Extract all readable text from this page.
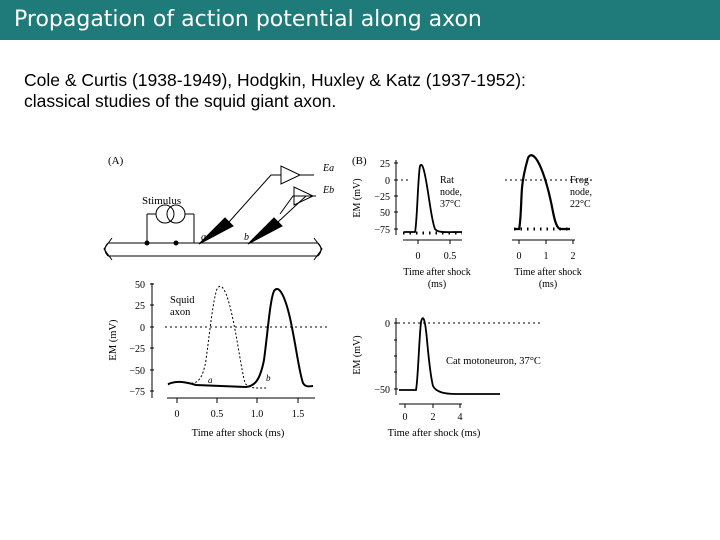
Propagation of action potential along axon
Cole & Curtis (1938-1949), Hodgkin, Huxley & Katz (1937-1952):
classical studies of the squid giant axon.
(A)
Stimulus
a	b
Ea
Eb
50
25
0
−25
−50
−75
0	0.5	1.0	1.5
Time after shock (ms)
EM (mV)
Squid
axon
a	b
(B) 25
0
−25
50
−75
EM (mV)
0 0.5
Time after shock
(ms)
Rat
node,
37°C
0 1 2
Time after shock
(ms)
Frog
node,
22°C
0
−50
EM (mV)
0 2 4
Time after shock (ms)
Cat motoneuron, 37°C
